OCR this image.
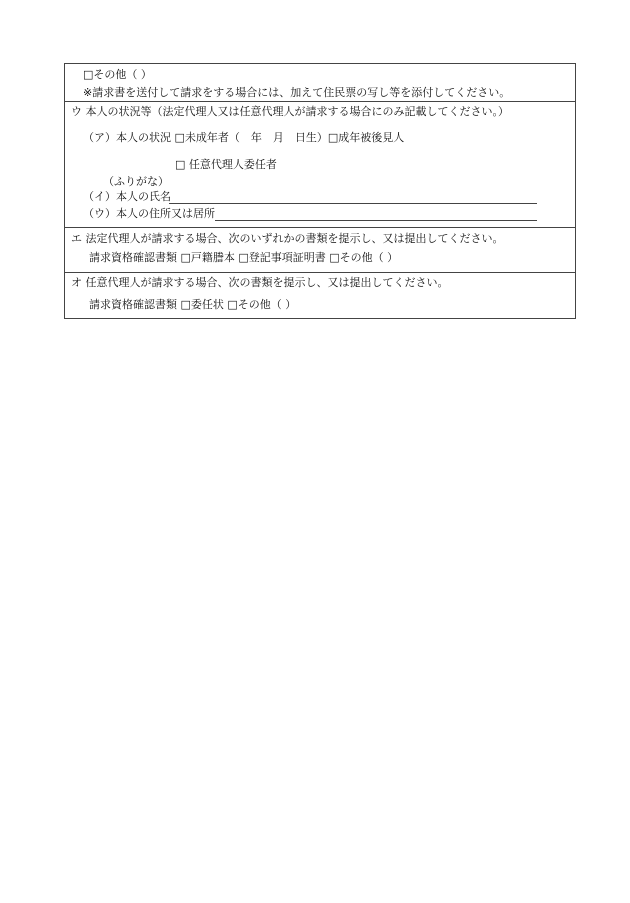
□その他（ ）
※請求書を送付して請求をする場合には、加えて住民票の写し等を添付してください。
ウ 本人の状況等（法定代理人又は任意代理人が請求する場合にのみ記載してください。）
（ア）本人の状況 □未成年者（　年　月　日生）□成年被後見人
□ 任意代理人委任者
（ふりがな）
（イ）本人の氏名
（ウ）本人の住所又は居所
エ 法定代理人が請求する場合、次のいずれかの書類を提示し、又は提出してください。
請求資格確認書類 □戸籍謄本 □登記事項証明書 □その他（ ）
オ 任意代理人が請求する場合、次の書類を提示し、又は提出してください。
請求資格確認書類 □委任状 □その他（ ）
